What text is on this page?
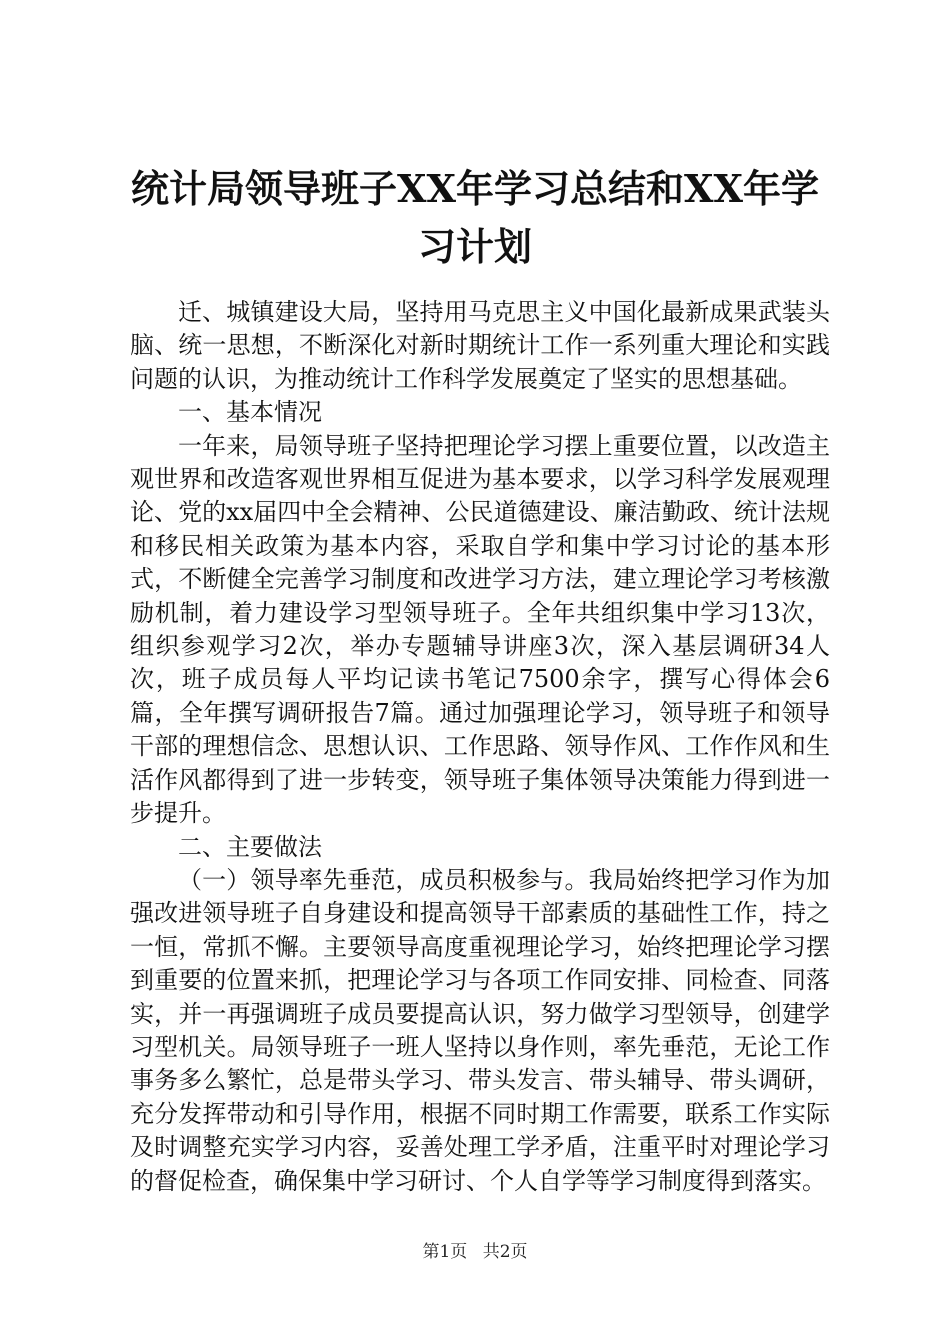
统计局领导班子XX年学习总结和XX年学习计划

迁、城镇建设大局，坚持用马克思主义中国化最新成果武装头脑、统一思想，不断深化对新时期统计工作一系列重大理论和实践问题的认识，为推动统计工作科学发展奠定了坚实的思想基础。

一、基本情况

一年来，局领导班子坚持把理论学习摆上重要位置，以改造主观世界和改造客观世界相互促进为基本要求，以学习科学发展观理论、党的xx届四中全会精神、公民道德建设、廉洁勤政、统计法规和移民相关政策为基本内容，采取自学和集中学习讨论的基本形式，不断健全完善学习制度和改进学习方法，建立理论学习考核激励机制，着力建设学习型领导班子。全年共组织集中学习13次，组织参观学习2次，举办专题辅导讲座3次，深入基层调研34人次，班子成员每人平均记读书笔记7500余字，撰写心得体会6篇，全年撰写调研报告7篇。通过加强理论学习，领导班子和领导干部的理想信念、思想认识、工作思路、领导作风、工作作风和生活作风都得到了进一步转变，领导班子集体领导决策能力得到进一步提升。

二、主要做法

（一）领导率先垂范，成员积极参与。我局始终把学习作为加强改进领导班子自身建设和提高领导干部素质的基础性工作，持之一恒，常抓不懈。主要领导高度重视理论学习，始终把理论学习摆到重要的位置来抓，把理论学习与各项工作同安排、同检查、同落实，并一再强调班子成员要提高认识，努力做学习型领导，创建学习型机关。局领导班子一班人坚持以身作则，率先垂范，无论工作事务多么繁忙，总是带头学习、带头发言、带头辅导、带头调研，充分发挥带动和引导作用，根据不同时期工作需要，联系工作实际及时调整充实学习内容，妥善处理工学矛盾，注重平时对理论学习的督促检查，确保集中学习研讨、个人自学等学习制度得到落实。

第1页 共2页
